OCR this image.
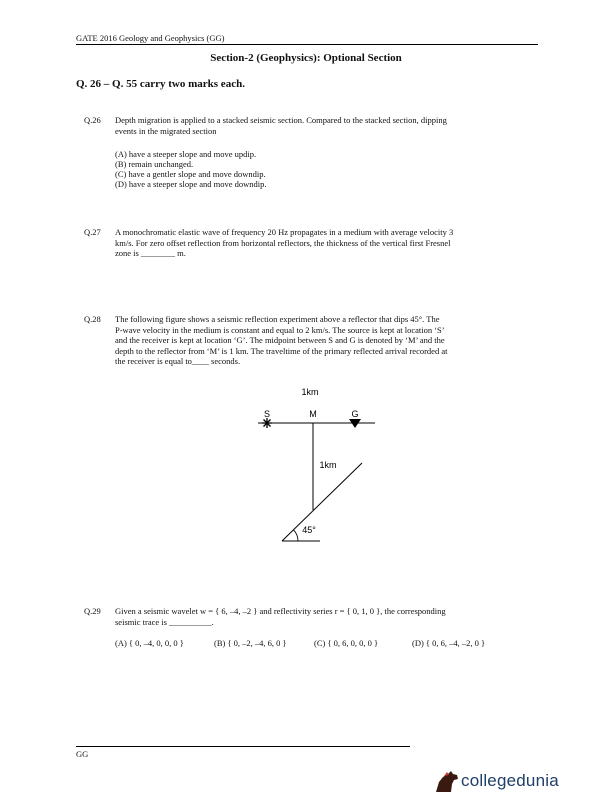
GATE 2016 Geology and Geophysics (GG)
Section-2 (Geophysics): Optional Section
Q. 26 – Q. 55 carry two marks each.
Q.26 Depth migration is applied to a stacked seismic section. Compared to the stacked section, dipping
events in the migrated section
(A) have a steeper slope and move updip.
(B) remain unchanged.
(C) have a gentler slope and move downdip.
(D) have a steeper slope and move downdip.
Q.27 A monochromatic elastic wave of frequency 20 Hz propagates in a medium with average velocity 3
km/s. For zero offset reflection from horizontal reflectors, the thickness of the vertical first Fresnel
zone is ________ m.
Q.28 The following figure shows a seismic reflection experiment above a reflector that dips 45°. The
P-wave velocity in the medium is constant and equal to 2 km/s. The source is kept at location ‘S’
and the receiver is kept at location ‘G’. The midpoint between S and G is denoted by ‘M’ and the
depth to the reflector from ‘M’ is 1 km. The traveltime of the primary reflected arrival recorded at
the receiver is equal to____ seconds.
1km
S	M	G
1km
45°
Q.29 Given a seismic wavelet w = { 6, –4, –2 } and reflectivity series r = { 0, 1, 0 }, the corresponding
seismic trace is __________.
(A) { 0, –4, 0, 0, 0 }	(B) { 0, –2, –4, 6, 0 }	(C) { 0, 6, 0, 0, 0 }	(D) { 0, 6, –4, –2, 0 }
GG
collegedunia
